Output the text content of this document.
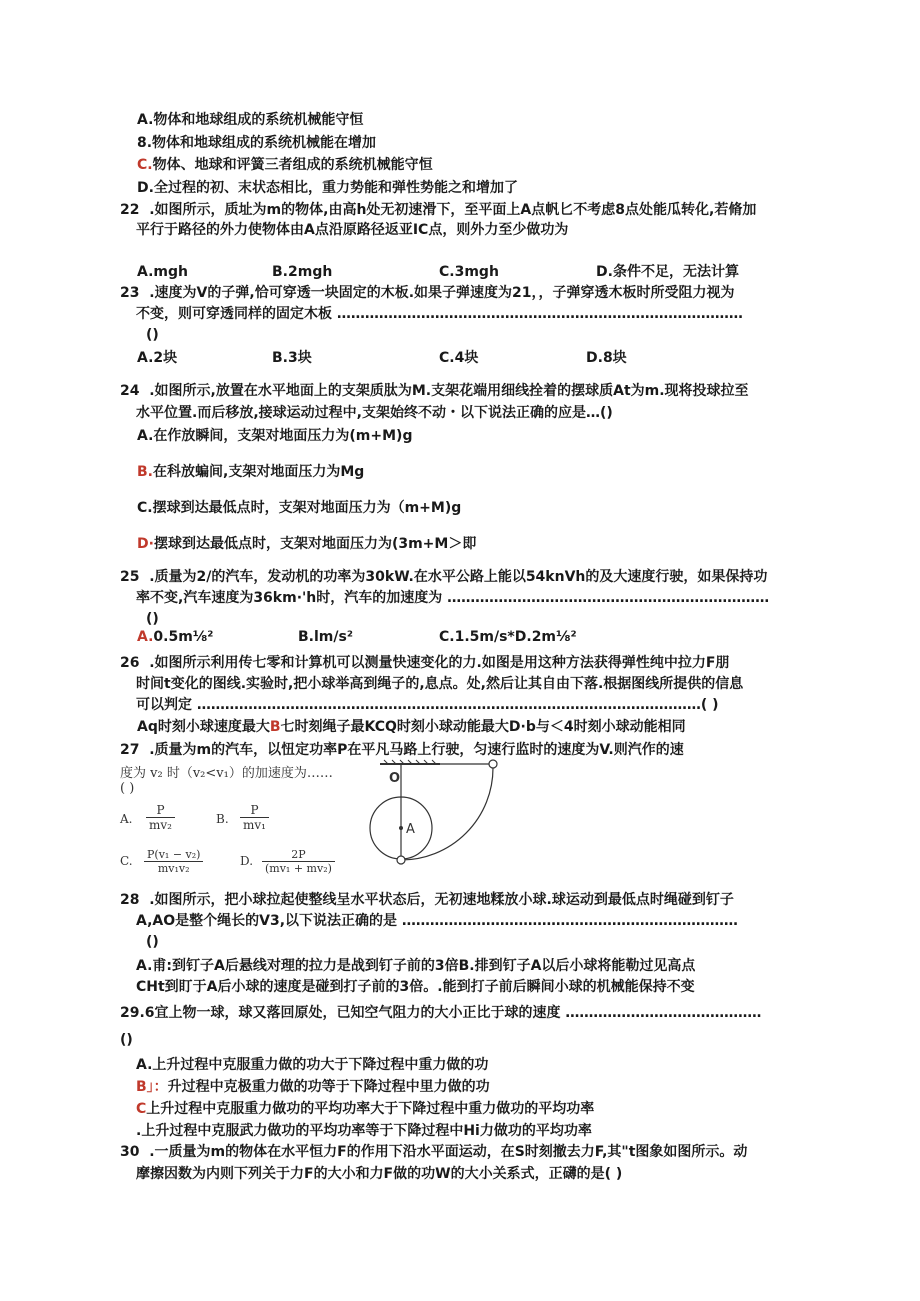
A.物体和地球组成的系统机械能守恒
8.物体和地球组成的系统机械能在增加
C.物体、地球和评簧三者组成的系统机械能守恒
D.全过程的初、末状态相比，重力势能和弹性势能之和增加了
22 .如图所示，质址为m的物体,由高h处无初速滑下，至平面上A点帆匕不考虑8点处能瓜转化,若脩加
平行于路径的外力使物体由A点沿原路径返亚IC点，则外力至少做功为
A.mgh	B.2mgh	C.3mgh	D.条件不足，无法计算
23 .速度为V的子弹,恰可穿透一块固定的木板.如果子弹速度为21，，子弹穿透木板时所受阻力视为
不变，则可穿透同样的固定木板 ……………………………………………………………………………
()
A.2块	B.3块	C.4块	D.8块
24 .如图所示,放置在水平地面上的支架质肽为M.支架花端用细线拴着的摆球质At为m.现将投球拉至
水平位置.而后移放,接球运动过程中,支架始终不动・以下说法正确的应是…()
A.在作放瞬间，支架对地面压力为(m+M)g
B.在科放蝙间,支架对地面压力为Mg
C.摆球到达最低点时，支架对地面压力为（m+M)g
D·摆球到达最低点时，支架对地面压力为(3m+M＞即
25 .质量为2/的汽车，发动机的功率为30kW.在水平公路上能以54knVh的及大速度行驶，如果保持功
率不变,汽车速度为36km·'h时，汽车的加速度为 ……………………………………………………………
()
A.0.5m⅛²	B.lm/s²	C.1.5m/s*D.2m⅛²
26 .如图所示利用传七零和计算机可以测量快速变化的力.如图是用这种方法获得弹性纯中拉力F朋
时间t变化的图线.实验时,把小球举高到绳子的,息点。处,然后让其自由下落.根据图线所提供的信息
可以判定 ………………………………………………………………………………………………( )
Aq时刻小球速度最大B七时刻绳子最KCQ时刻小球动能最大D·b与＜4时刻小球动能相同
27 .质量为m的汽车，以忸定功率P在平凡马路上行驶，匀速行监时的速度为V.则汽作的速
度为 v₂ 时（v₂<v₁）的加速度为……
( )
A. $\frac{P}{\text{mv₂}}$	B. $\frac{P}{\text{mv₁}}$
C. $\frac{\text{P(v₁ − v₂)}}{\text{mv₁v₂}}$	D. $\frac{2P}{\text{(mv₁ + mv₂)}}$
O
A
28 .如图所示，把小球拉起使整线呈水平状态后，无初速地糅放小球.球运动到最低点时绳碰到钉子
A,AO是整个绳长的V3,以下说法正确的是 ………………………………………………………………
()
A.甫:到钉子A后悬线对理的拉力是战到钉子前的3倍B.排到钉子A以后小球将能勒过见高点
CHt到盯于A后小球的速度是碰到打子前的3倍。.能到打子前后瞬间小球的机械能保持不变
29.6宜上物一球，球又落回原处，已知空气阻力的大小正比于球的速度 ……………………………………
()
A.上升过程中克服重力做的功大于下降过程中重力做的功
B」：升过程中克极重力做的功等于下降过程中里力做的功
C上升过程中克服重力做功的平均功率大于下降过程中重力做功的平均功率
.上升过程中克服武力做功的平均功率等于下降过程中Hi力做功的平均功率
30 .一质量为m的物体在水平恒力F的作用下沿水平面运动，在S时刻撤去力F,其"t图象如图所示。动
摩擦因数为内则下列关于力F的大小和力F做的功W的大小关系式，正礴的是( )
